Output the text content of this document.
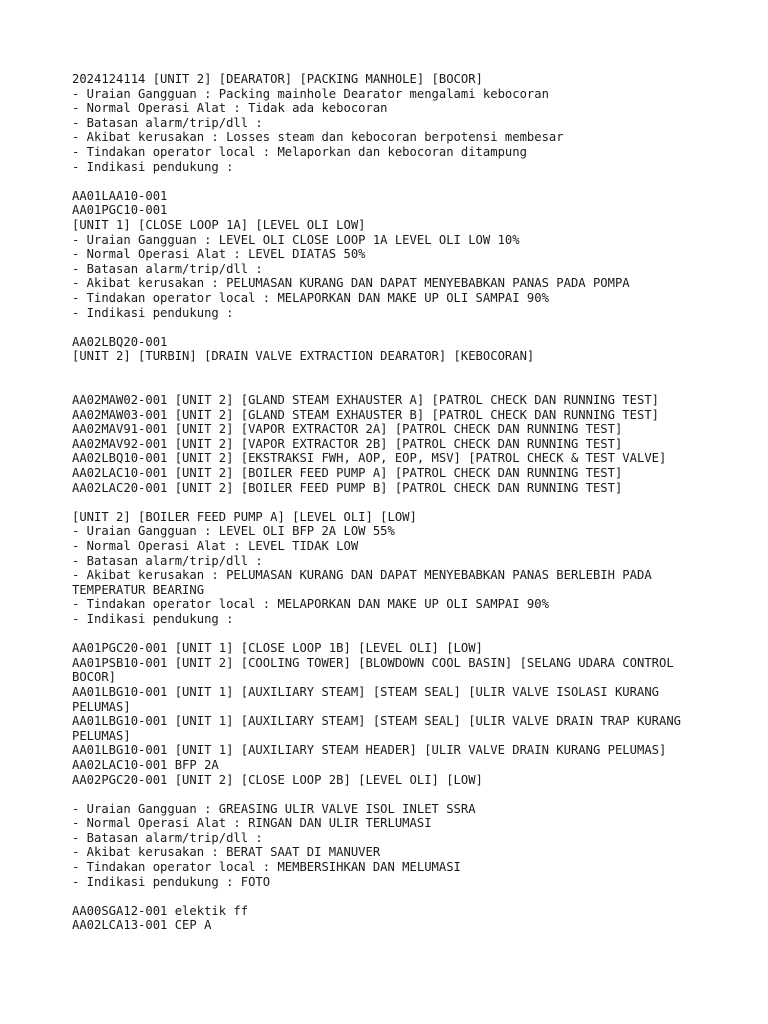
2024124114 [UNIT 2] [DEARATOR] [PACKING MANHOLE] [BOCOR]
- Uraian Gangguan : Packing mainhole Dearator mengalami kebocoran
- Normal Operasi Alat : Tidak ada kebocoran
- Batasan alarm/trip/dll :
- Akibat kerusakan : Losses steam dan kebocoran berpotensi membesar
- Tindakan operator local : Melaporkan dan kebocoran ditampung
- Indikasi pendukung :
AA01LAA10-001
AA01PGC10-001
[UNIT 1] [CLOSE LOOP 1A] [LEVEL OLI LOW]
- Uraian Gangguan : LEVEL OLI CLOSE LOOP 1A LEVEL OLI LOW 10%
- Normal Operasi Alat : LEVEL DIATAS 50%
- Batasan alarm/trip/dll :
- Akibat kerusakan : PELUMASAN KURANG DAN DAPAT MENYEBABKAN PANAS PADA POMPA
- Tindakan operator local : MELAPORKAN DAN MAKE UP OLI SAMPAI 90%
- Indikasi pendukung :
AA02LBQ20-001
[UNIT 2] [TURBIN] [DRAIN VALVE EXTRACTION DEARATOR] [KEBOCORAN]
AA02MAW02-001 [UNIT 2] [GLAND STEAM EXHAUSTER A] [PATROL CHECK DAN RUNNING TEST]
AA02MAW03-001 [UNIT 2] [GLAND STEAM EXHAUSTER B] [PATROL CHECK DAN RUNNING TEST]
AA02MAV91-001 [UNIT 2] [VAPOR EXTRACTOR 2A] [PATROL CHECK DAN RUNNING TEST]
AA02MAV92-001 [UNIT 2] [VAPOR EXTRACTOR 2B] [PATROL CHECK DAN RUNNING TEST]
AA02LBQ10-001 [UNIT 2] [EKSTRAKSI FWH, AOP, EOP, MSV] [PATROL CHECK & TEST VALVE]
AA02LAC10-001 [UNIT 2] [BOILER FEED PUMP A] [PATROL CHECK DAN RUNNING TEST]
AA02LAC20-001 [UNIT 2] [BOILER FEED PUMP B] [PATROL CHECK DAN RUNNING TEST]
[UNIT 2] [BOILER FEED PUMP A] [LEVEL OLI] [LOW]
- Uraian Gangguan : LEVEL OLI BFP 2A LOW 55%
- Normal Operasi Alat : LEVEL TIDAK LOW
- Batasan alarm/trip/dll :
- Akibat kerusakan : PELUMASAN KURANG DAN DAPAT MENYEBABKAN PANAS BERLEBIH PADA
TEMPERATUR BEARING
- Tindakan operator local : MELAPORKAN DAN MAKE UP OLI SAMPAI 90%
- Indikasi pendukung :
AA01PGC20-001 [UNIT 1] [CLOSE LOOP 1B] [LEVEL OLI] [LOW]
AA01PSB10-001 [UNIT 2] [COOLING TOWER] [BLOWDOWN COOL BASIN] [SELANG UDARA CONTROL
BOCOR]
AA01LBG10-001 [UNIT 1] [AUXILIARY STEAM] [STEAM SEAL] [ULIR VALVE ISOLASI KURANG
PELUMAS]
AA01LBG10-001 [UNIT 1] [AUXILIARY STEAM] [STEAM SEAL] [ULIR VALVE DRAIN TRAP KURANG
PELUMAS]
AA01LBG10-001 [UNIT 1] [AUXILIARY STEAM HEADER] [ULIR VALVE DRAIN KURANG PELUMAS]
AA02LAC10-001 BFP 2A
AA02PGC20-001 [UNIT 2] [CLOSE LOOP 2B] [LEVEL OLI] [LOW]
- Uraian Gangguan : GREASING ULIR VALVE ISOL INLET SSRA
- Normal Operasi Alat : RINGAN DAN ULIR TERLUMASI
- Batasan alarm/trip/dll :
- Akibat kerusakan : BERAT SAAT DI MANUVER
- Tindakan operator local : MEMBERSIHKAN DAN MELUMASI
- Indikasi pendukung : FOTO
AA00SGA12-001 elektik ff
AA02LCA13-001 CEP A
